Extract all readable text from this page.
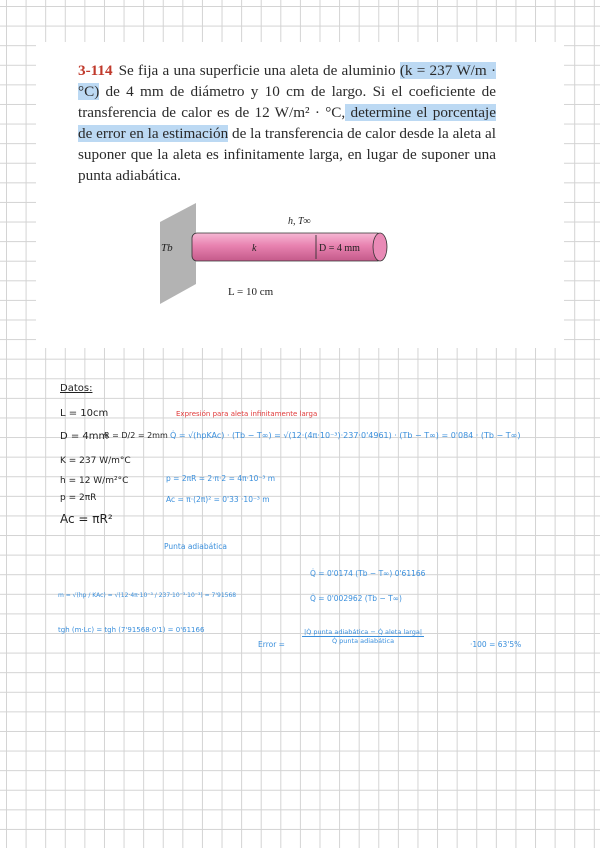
3-114 Se fija a una superficie una aleta de aluminio (k = 237 W/m · °C) de 4 mm de diámetro y 10 cm de largo. Si el coeficiente de transferencia de calor es de 12 W/m² · °C, determine el porcentaje de error en la estimación de la transferencia de calor desde la aleta al suponer que la aleta es infinitamente larga, en lugar de suponer una punta adiabática.
h, T∞
Tb	k	D = 4 mm
L = 10 cm
Datos:
L = 10cm
D = 4mm
R = D/2 = 2mm
K = 237 W/m°C
h = 12 W/m²°C
p = 2πR
Ac = πR²
Expresión para aleta infinitamente larga
Q̇ = √(hpKAc) · (Tb − T∞) = √(12·(4π·10⁻³)·237·0'4961) · (Tb − T∞) = 0'084 · (Tb − T∞)
p = 2πR = 2·π·2 = 4π·10⁻³ m
Ac = π·(2π)² = 0'33 ·10⁻³ m
Punta adiabática
Q̇ = 0'0174 (Tb − T∞) 0'61166
Q̇ = 0'002962 (Tb − T∞)
m = √(hp / KAc) = √(12·4π·10⁻³ / 237·10⁻³·10⁻³) = 7'91568
tgh (m·Lc) = tgh (7'91568·0'1) = 0'61166
Error =	$\frac{\text{|Q̇ punta adiabática − Q̇ aleta larga|}}{\text{Q̇ punta adiabática}}$	·100 = 63'5%
